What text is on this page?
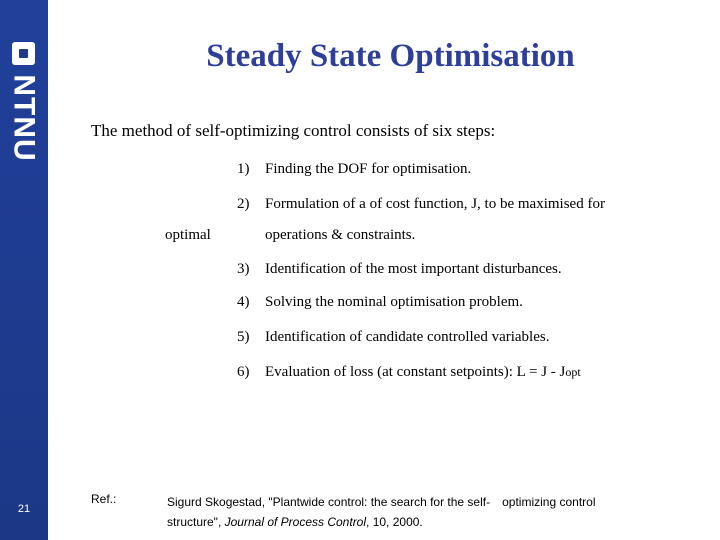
NTNU
21
Steady State Optimisation
The method of self-optimizing control consists of six steps:
1) Finding the DOF for optimisation.
2) Formulation of a of cost function, J, to be maximised for
optimal	operations & constraints.
3) Identification of the most important disturbances.
4) Solving the nominal optimisation problem.
5) Identification of candidate controlled variables.
6) Evaluation of loss (at constant setpoints): L = J - Jopt
Ref.:	Sigurd Skogestad, "Plantwide control: the search for the self- optimizing control
structure", Journal of Process Control, 10, 2000.
